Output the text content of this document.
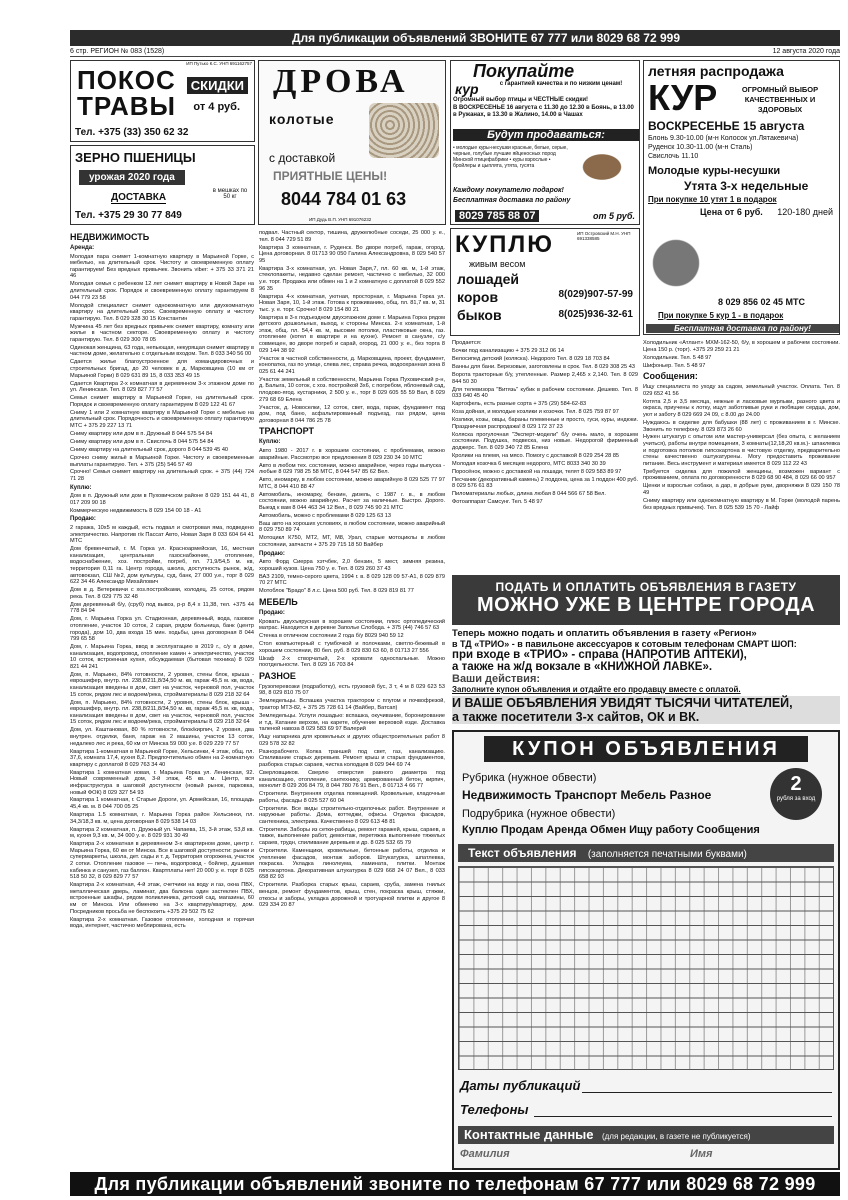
Для публикации объявлений ЗВОНИТЕ 67 777 или 8029 68 72 999
6 стр. РЕГИОН № 083 (1528)	12 августа 2020 года
ПОКОС
ТРАВЫ
СКИДКИ
от 4 руб.
Тел. +375 (33) 350 62 32
ИП Путько К.С. УНП 691162757
ЗЕРНО ПШЕНИЦЫ
урожая 2020 года
ДОСТАВКА
в мешках по 50 кг
Тел. +375 29 30 77 849
ДРОВА
колотые
с доставкой
ПРИЯТНЫЕ ЦЕНЫ!
8044 784 01 63
ИП Дудь В.П. УНП 691076232
Покупайте
кур	с гарантией качества и по низким ценам!
Огромный выбор птицы и ЧЕСТНЫЕ скидки!
В ВОСКРЕСЕНЬЕ 16 августа с 11.30 до 12.30 в Боянь, в 13.00 в Ружанах, в 13.30 в Жалино, 14.00 в Чашах
Будут продаваться:
• молодые куры-несушки красные, белые, серые, черные, голубые лучшие яйценосных пород Минской птицефабрики • куры взрослые • бройлеры и цыплята, утята, гусята
Каждому покупателю подарок!
Бесплатная доставка по району
8029 785 88 07	от 5 руб.
летняя распродажа
КУР	ОГРОМНЫЙ ВЫБОР КАЧЕСТВЕННЫХ И ЗДОРОВЫХ
ВОСКРЕСЕНЬЕ 15 августа
Блонь 9.30-10.00 (м-н Колосок ул.Лятакевича)
Руденск 10.30-11.00 (м-н Сталь)
Свислочь 11.10
Молодые куры-несушки
Утята 3-х недельные
При покупке 10 утят 1 в подарок
Цена от 6 руб. 120-180 дней
8 029 856 02 45 МТС
При покупке 5 кур 1 - в подарок
Бесплатная доставка по району!
КУПЛЮ
живым весом
лошадей
коров
быков
8(029)907-57-99
8(025)936-32-61
ИП Островский М.Н. УНП 691338585
НЕДВИЖИМОСТЬ
Аренда:

Молодая пара снимет 1-комнатную квартиру в Марьиной Горке, с мебелью, на длительный срок. Чистоту и своевременную оплату гарантируем! Без вредных привычек. Звонить viber: + 375 33 371 21 46

Молодая семья с ребенком 12 лет снимет квартиру в Новой Заре на длительный срок. Порядок и своевременную оплату гарантируем 8 044 779 23 58

Молодой специалист снимет однокомнатную или двухкомнатную квартиру на длительный срок. Своевременную оплату и чистоту гарантирую. Тел. 8 029 328 30 15 Константин

Мужчина 45 лет без вредных привычек снимет квартиру, комнату или жилье в частном секторе. Своевременную оплату и чистоту гарантирую. Тел. 8 029 300 78 05

Одинокая женщина, 63 года, непьющая, некурящая снимет квартиру в частном доме, желательно с отдельным входом. Тел. 8 033 340 56 00

Сдается жилье благоустроенное для командировочных и строительных бригад, до 20 человек в д. Марковщина (10 км от Марьиной Горки) 8 029 631 89 15, 8 033 353 49 15

Сдается Квартира 2-х комнатная в деревянном 3-х этажном доме по ул. Ленинская. Тел. 8 029 827 77 57

Семья снимет квартиру в Марьиной Горке, на длительный срок. Порядок и своевременную оплату гарантируем 8 029 122 41 67

Сниму 1 или 2 комнатную квартиру в Марьиной Горке с мебелью на длительный срок. Порядочность и своевременную оплату гарантирую МТС + 375 29 227 13 71

Сниму квартиру или дом в п. Дружный 8 044 575 54 84

Сниму квартиру или дом в п. Свислочь 8 044 575 54 84

Сниму квартиру на длительный срок, дорого 8 044 539 45 40

Срочно сниму жильё в Марьиной Горке. Чистоту и своевременные выплаты гарантирую. Тел. + 375 (25) 546 57 49

Срочно! Семья снимет квартиру на длительный срок. + 375 (44) 724 71 28

Куплю:

Дом в п. Дружный или дом в Пуховичском районе 8 029 151 44 41, 8 017 209 90 18

Коммерческую недвижимость 8 029 154 00 18 - А1

Продаю:

2 гаража, 10х5 м каждый, есть подвал и смотровая яма, подведено электричество. Напротив г/к Пассат Авто, Новая Заря 8 033 604 64 41 МТС

Дом бревенчатый, г. М. Горка ул. Красноармейская, 16, местная канализация, центральная газоснабжение, отопление, водоснабжение, хоз. постройки, погреб, пл. 71,9/54,5 м. кв, территория 0,11 га. Центр города, школа, доступность рынок, ж/д, автовокзал, СШ №2, дом культуры, суд, банк, 27 000 у.е., торг 8 029 622 34 46 Александр Михайлович

Дом в д. Ветеревичи с хоз.постройками, колодец, 25 соток, рядом река. Тел. 8 029 775 32 48

Дом деревянный б/у, (сруб) под вывоз, р-р 8,4 х 11,38, тел. +375 44 778 84 94

Дом, г. Марьина Горка ул. Стадионная, деревянный, вода, газовое отопление, участок 10 соток, 2 сарая, рядом больница, банк (центр города), дом 10, два входа 15 мин. ходьбы, цена договорная 8 044 799 65 58

Дом, г. Марьина Горка, ввод в эксплуатацию в 2019 г., с/у в доме, канализация, водопровод, отопление камин + электричество, участок 10 соток, встроенная кухня, обсуждаемая (бытовая техника) 8 029 821 44 241

Дом, п. Марьино, 84% готовности, 2 уровня, стены блок, крыша - еврошифер, внутр. пл. 238,8/211,8/34,50 м. кв, гараж 45,5 м. кв, вода, канализация введены в дом, свет на участок, черновой пол, участок 15 соток, рядом лес и водоем/река, стройматериалы 8 029 218 32 64

Дом, п. Марьино, 84% готовности, 2 уровня, стены блок, крыша - еврошифер, внутр. пл. 238,8/211,8/34,50 м. кв, гараж 45,5 м. кв, вода, канализация введены в дом, свет на участок, черновой пол, участок 15 соток, рядом лес и водоем/река, стройматериалы 8 029 218 32 64

Дом, ул. Каштановая, 80 % готовности, блок/кирпич, 2 уровня, два внутрен. отделки, баня, гараж на 2 машины, участок 13 соток, недалеко лес и река, 60 км от Минска 59 000 у.е. 8 029 229 77 57

Квартира 1-комнатная в Марьиной Горке, Хельсинки, 4 этаж, общ. пл. 37,6, комната 17,4, кухня 8,2. Предпочтительно обмен на 2-комнатную квартиру с доплатой 8 029 763 34 40

Квартира 1 комнатная новая, г. Марьина Горка ул. Ленинская, 92. Новый современный дом, 3-й этаж, 45 кв. м. Центр, вся инфраструктура в шаговой доступности (новый рынок, парковка, новый ФОК) 8 029 327 54 93

Квартира 1 комнатная, г. Старые Дороги, ул. Армейская, 16, площадь 45,4 кв. м. 8 044 700 05 25

Квартира 1.5 комнатная, г. Марьина Горка район Хельсинки, пл. 34,3/18,3 кв. м, цена договорная 8 029 538 14 03

Квартира 2 комнатная, п. Дружный ул. Чапаева, 15, 3-й этаж, 53,8 кв. м, кухня 9,3 кв. м, 34 000 у. е. 8 029 931 30 49

Квартира 2-х комнатная в деревянном 3-х квартирном доме, центр г. Марьина Горка, 60 км от Минска. Все в шаговой доступности: рынки и супермаркеты, школа, дет. сады и т. д. Территория огорожена, участок 2 сотки. Отопление газовое — печь, водопровод - бойлер, душевая кабинка и санузел, газ баллон. Квартплаты нет! 20 000 у. е. торг 8 025 518 50 32, 8 029 829 77 57

Квартира 2-х комнатная, 4-й этаж, счетчики на воду и газ, окна ПВХ, металлическая дверь, ламинат, два балкона один застеклен ПВХ, встроенные шкафы, рядом поликлиника, детский сад, магазины, 60 км от Минска. Или обменяю на 3-х квартиру/квартиру, дом. Посредников просьба не беспокоить +375 29 502 75 62

Квартира 2-х комнатная. Газовое отопление, холодная и горячая вода, интернет, частично меблирована, есть

подвал. Частный сектор, тишина, дружелюбные соседи, 25 000 у. е., тел. 8 044 729 51 89

Квартира 3 комнатная, г. Руденск. Во дворе погреб, гараж, огород. Цена договорная. 8 01713 90 050 Галина Александровна, 8 029 540 57 95

Квартира 3-х комнатная, ул. Новая Заря,7, пл. 60 кв. м, 1-й этаж, стеклопакеты, недавно сделан ремонт, частично с мебелью, 32 000 у.е. торг. Продажа или обмен на 1 и 2 комнатную с доплатой 8 029 552 96 35

Квартира 4-х комнатная, уютная, просторная, г. Марьина Горка ул. Новая Заря, 10, 1-й этаж. Готова к проживанию, общ. пл. 81,7 кв. м, 31 тыс. у. е. торг. Срочно! 8 029 154 80 21

Квартира в 3-х подъездном двухэтажном доме г. Марьина Горка рядом детского дошкольных, выход, к стороны Минска. 2-х комнатная, 1-й этаж, общ. пл. 54,4 кв. м, высокие потолки, пластиковые окна, газ. отопление (котел в квартире и на кухне). Ремонт в санузле, с/у совмещен, во дворе погреб и сарай, огород, 21 000 у. е., без торга 8 029 144 38 92

Участок в частной собственности, д. Марковщина, проект, фундамент, конопатка, газ по улице, слева лес, справа речка, водоохранная зона 8 025 61 44 241

Участок земельный в собственности, Марьина Горка Пуховичский р-н, д. Балыга, 10 соток, с хоз. постройкой 3х6, с погребом, яблоневый сад, плодово-ягод. кустарники, 2 500 у. е., торг 8 029 605 55 59 Вал, 8 029 279 68 69 Елена

Участок, д. Новоселки, 12 соток, свет, вода, гараж, фундамент под дом, под баню, асфальтированный подъезд, газ рядом, цена договорная 8 044 786 25 78

ТРАНСПОРТ
Куплю:

Авто 1980 - 2017 г. в хорошем состоянии, с проблемами, можно аварийные. Рассмотрю все предложения 8 029 230 34 10 МТС

Авто в любом тех. состоянии, можно аварийное, через годы выпуска - любые 8 029 798 25 58 МТС, 8 044 547 85 62 Вел.

Авто, иномарку, в любом состоянии, можно аварийную 8 029 525 77 97 МТС, 8 044 410 88 47

Автомобиль, иномарку, бензин, дизель, с 1987 г. в., в любом состоянии, можно аварийную. Расчет за наличные. Быстро. Дорого. Выезд к вам 8 044 463 34 12 Вел., 8 029 745 90 21 МТС

Автомобиль, можно с проблемами 8 029 125 63 13

Ваш авто на хороших условиях, в любом состоянии, можно аварийный 8 029 750 89 74

Мотоцикл К750, МТ2, МТ, М8, Урал, старые мотоциклы в любом состоянии, запчасти + 375 29 715 18 50 Вайбер

Продаю:

Авто Форд Сиерра хэтчбек, 2,0 бензин, 5 мест, зимняя резина, хороший кузов. Цена 750 у. е. Тел. 8 029 260 37 43

ВАЗ 2109, темно-серого цвета, 1994 г. в. 8 029 128 09 57-А1, 8 029 879 70 27 МТС

Мотоблок "Брадо" 8 л.с. Цена 500 руб. Тел. 8 029 819 81 77

МЕБЕЛЬ
Продаю:

Кровать двухъярусная в хорошем состоянии, плюс ортопедический матрас. Находится в деревне Заполье Слобода. + 375 (44) 746 57 63

Стенка в отличном состоянии 2 года б/у 8029 940 59 12

Стол компьютерный с тумбочкой и полочками, светло-бежевый в хорошем состоянии, 80 бел. руб. 8 029 830 63 60, 8 01713 27 556

Шкаф 2-х створчатый, 2-х кровати односпальные. Можно поотдельности. Тел. 8 029 16 703 84

РАЗНОЕ

Грузоперевозки (подработку), есть грузовой бус, 3 т, 4 м 8 029 623 53 98, 8 029 810 75 07

Земледельцы. Вспашка участка трактором с плугом и почвофрезой, трактор МТЗ-82, + 375 25 728 61 14 (Вайбер, Ватсап)

Земледельцы. Услуги лошадью: вспашка, окучивание, боронирование и т.д. Катание верхом, на карете, обучение верховой езде. Доставка таленой навоза 8 029 583 69 97 Валерий

Ищу напарника для кровельных и других общестроительных работ 8 029 578 32 82

Разнорабочего. Колка траншей под свет, газ, канализацию. Спиливание старых деревьев. Ремонт крыш и старых фундаментов, разборка старых сараев, чистка колодцев 8 029 944 69 74

Сверловщиков. Сверлю отверстия равного диаметра под канализацию, отопление, сантехнику, армированный бетон, кирпич, монолит 8 029 206 84 79, 8 044 780 76 91 Вел., 8 01713 4 66 77

Строители. Внутренняя отделка помещений. Кровельные, кладочные работы, фасады 8 025 527 60 04

Строители. Все виды строительно-отделочных работ. Внутренние и наружные работы. Дома, коттеджи, офисы. Отделка фасадов, сантехника, электрика. Качественно 8 029 613 48 81

Строители. Заборы из сетки-рабицы, ремонт гаражей, крыш, сараев, а также, выполнение работ, демонтаж, перетяжка выполнение тяжелых сараев, трудн, спиливание деревьев и др. 8 025 532 65 79

Строители. Каменщики, кровельные, бетонные работы, отделка и утепление фасадов, монтаж заборов. Штукатурка, шпатлевка, покраска. Укладка линолеума, ламината, плитки. Монтаж гипсокартона. Декоративная штукатурка 8 029 668 24 07 Вел., 8 033 658 82 93

Строители. Разборка старых крыш, сараев, сруба, замена гнилых венцов, ремонт фундаментов, крыш, стен, покраска крыш, стяжки, откосы и заборы, укладка дорожной и тротуарной плитки и другое 8 029 334 20 87

Продается:

Бочки под канализацию + 375 29 312 06 14

Велосипед детский (коляска). Недорого Тел. 8 029 18 703 84

Ванны для бани. Березовые, заготовлены в срок. Тел. 8 029 308 25 43

Ворота тракторные б/у, утепленные. Размер 2,465 х 2,140. Тел. 8 029 844 50 30

Для телевизора "Витязь" кубик в рабочем состоянии. Дешево. Тел. 8 033 640 45 40

Картофель, есть разные сорта + 375 (29) 584-62-83

Коза дойная, и молодые козлики и козочки. Тел. 8 025 759 87 97

Козлики, козы, овцы, бараны племенные и просто, гуси, куры, индюки. Праздничная распродажа! 8 029 172 37 23

Коляска прогулочная "Эксперт-модели" б/у очень мало, в хорошем состоянии. Подушка, подвеска, низ новые. Недорогой фирменный доджерс. Тел. 8 029 340 72 85 Елена

Кролики на племя, на мясо. Помогу с доставкой 8 029 254 28 85

Молодая козочка 6 месяцев недорого, МТС 8033 340 30 39

Поросёнок, можно с доставкой на лошади, телят 8 029 583 89 97

Песчаник (декоративный камень) 2 поддона, цена за 1 поддон 400 руб. 8 029 576 61 83

Пиломатериалы любых, длина любая 8 044 566 67 58 Вел.

Фотоаппарат Самсунг. Тел. 5 48 97

Холодильник «Атлант» МХМ-162-50, б/у, в хорошем и рабочем состоянии. Цена 150 р. (торг). +375 29 259 21 21

Холодильник. Тел. 5 48 97

Шифоньер. Тел. 5 48 97

Сообщения:

Ищу специалиста по уходу за садом, земельный участок. Оплата. Тел. 8 029 652 41 56

Котята 2,5 и 3,5 месяца, нежные и ласковые мурлыки, разного цвета и окраса, приучены к лотку, ищут заботливые руки и любящие сердца, дом, уют и заботу 8 029 669 24 09, с 8.00 до 24.00

Нуждаюсь в сиделке для бабушки (88 лет) с проживанием в г. Минске. Звонить по телефону. 8 029 873 26 60

Нужен штукатур с опытом или мастер-универсал (без опыта, с желанием учиться), работы внутри помещения, 3 комнаты(12,18,20 кв.м.)- шпаклевка и подготовка потолков гипсокартона в чистовую отделку, предварительно стены качественно оштукатурены. Могу предоставить проживание питание. Весь инструмент и материал имеется 8 029 112 22 43

Требуется сиделка для пожилой женщины, возможен вариант с проживанием, оплата по договоренности 8 029 68 90 484, 8 029 66 00 957

Щенки и взрослые собаки, а дар, в добрые руки, дворняжки 8 029 150 78 49

Сниму квартиру или однокомнатную квартиру в М. Горке (молодой парень без вредных привычек). Тел. 8 025 539 15 70 - Лайф

ПОДАТЬ И ОПЛАТИТЬ ОБЪЯВЛЕНИЯ В ГАЗЕТУ
МОЖНО УЖЕ В ЦЕНТРЕ ГОРОДА
Теперь можно подать и оплатить объявления в газету «Регион»
в ТД «ТРИО» - в павильоне аксессуаров к сотовым телефонам СМАРТ ШОП:
при входе в «ТРИО» - справа (НАПРОТИВ АПТЕКИ),
а также на ж/д вокзале в «КНИЖНОЙ ЛАВКЕ».
Ваши действия:
Заполните купон объявления и отдайте его продавцу вместе с оплатой.
И ВАШЕ ОБЪЯВЛЕНИЯ УВИДЯТ ТЫСЯЧИ ЧИТАТЕЛЕЙ,
а также посетители 3-х сайтов, ОК и ВК.
КУПОН ОБЪЯВЛЕНИЯ
Рубрика (нужное обвести)
Недвижимость Транспорт Мебель Разное
Подрубрика (нужное обвести)
Куплю Продам Аренда Обмен Ищу работу Сообщения
2
рубля за вход
Текст объявления (заполняется печатными буквами)
Даты публикаций
Телефоны
Контактные данные (для редакции, в газете не публикуется)
Фамилия	Имя
Для публикации объявлений звоните по телефонам 67 777 или 8029 68 72 999
